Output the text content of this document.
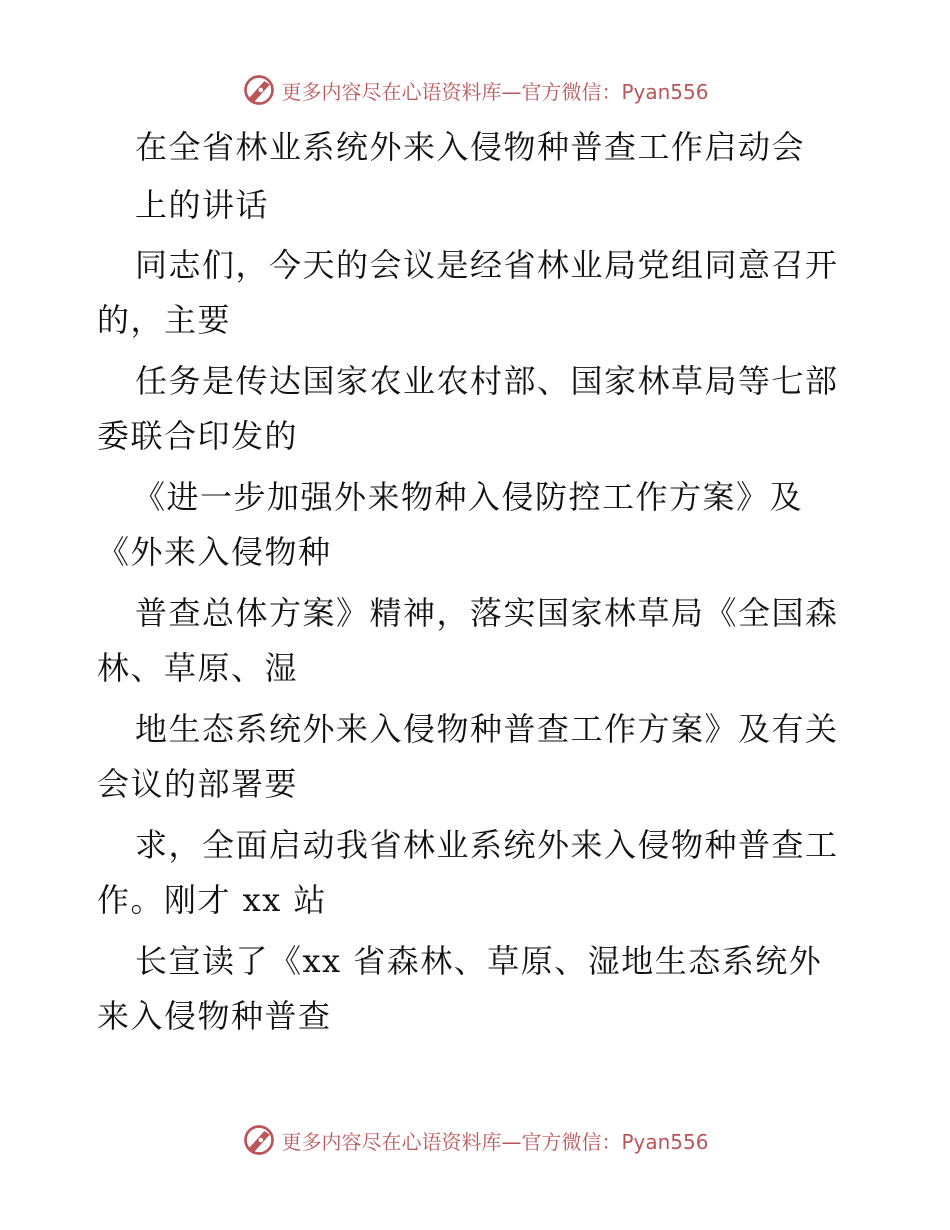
更多内容尽在心语资料库—官方微信：Pyan556
在全省林业系统外来入侵物种普查工作启动会
上的讲话
同志们，今天的会议是经省林业局党组同意召开
的，主要
任务是传达国家农业农村部、国家林草局等七部
委联合印发的
《进一步加强外来物种入侵防控工作方案》及
《外来入侵物种
普查总体方案》精神，落实国家林草局《全国森
林、草原、湿
地生态系统外来入侵物种普查工作方案》及有关
会议的部署要
求，全面启动我省林业系统外来入侵物种普查工
作。刚才 xx 站
长宣读了《xx 省森林、草原、湿地生态系统外
来入侵物种普查
更多内容尽在心语资料库—官方微信：Pyan556
